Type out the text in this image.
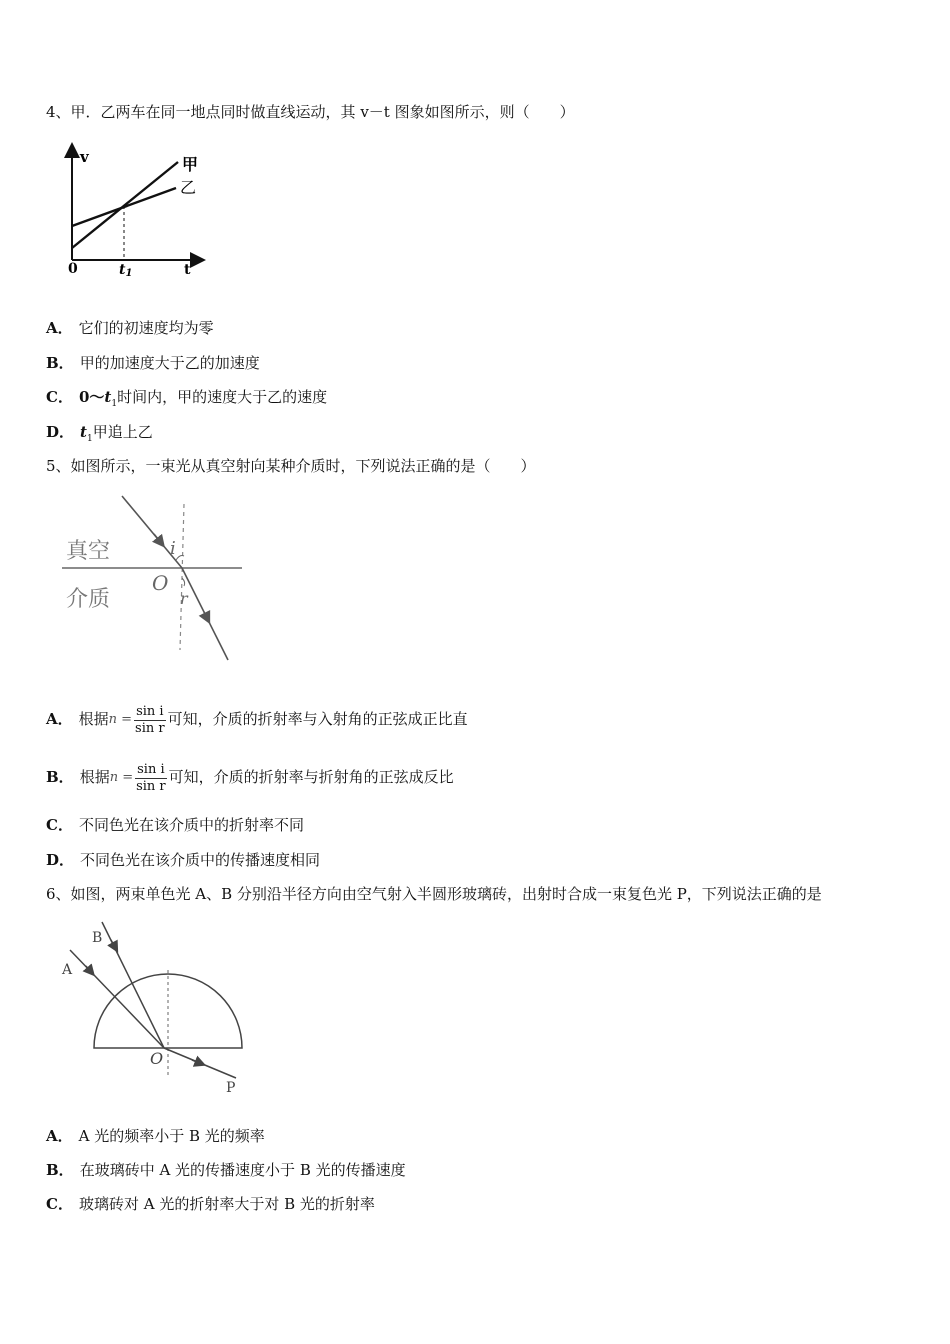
4、甲．乙两车在同一地点同时做直线运动，其 v－t 图象如图所示，则（　　）
v	甲
乙
0	t1	t
A． 它们的初速度均为零
B． 甲的加速度大于乙的加速度
C． $0\sim t_1$时间内，甲的速度大于乙的速度
D． $t_1$甲追上乙
5、如图所示，一束光从真空射向某种介质时，下列说法正确的是（　　）
真空
介质
O
i
r
A． 根据$n = \frac{\text{sin i}}{\text{sin r}}$ 可知，介质的折射率与入射角的正弦成正比直
B． 根据$n = \frac{\text{sin i}}{\text{sin r}}$ 可知，介质的折射率与折射角的正弦成反比
C． 不同色光在该介质中的折射率不同
D． 不同色光在该介质中的传播速度相同
6、如图，两束单色光 A、B 分别沿半径方向由空气射入半圆形玻璃砖，出射时合成一束复色光 P，下列说法正确的是
A
B
O
P
A． A 光的频率小于 B 光的频率
B． 在玻璃砖中 A 光的传播速度小于 B 光的传播速度
C． 玻璃砖对 A 光的折射率大于对 B 光的折射率
